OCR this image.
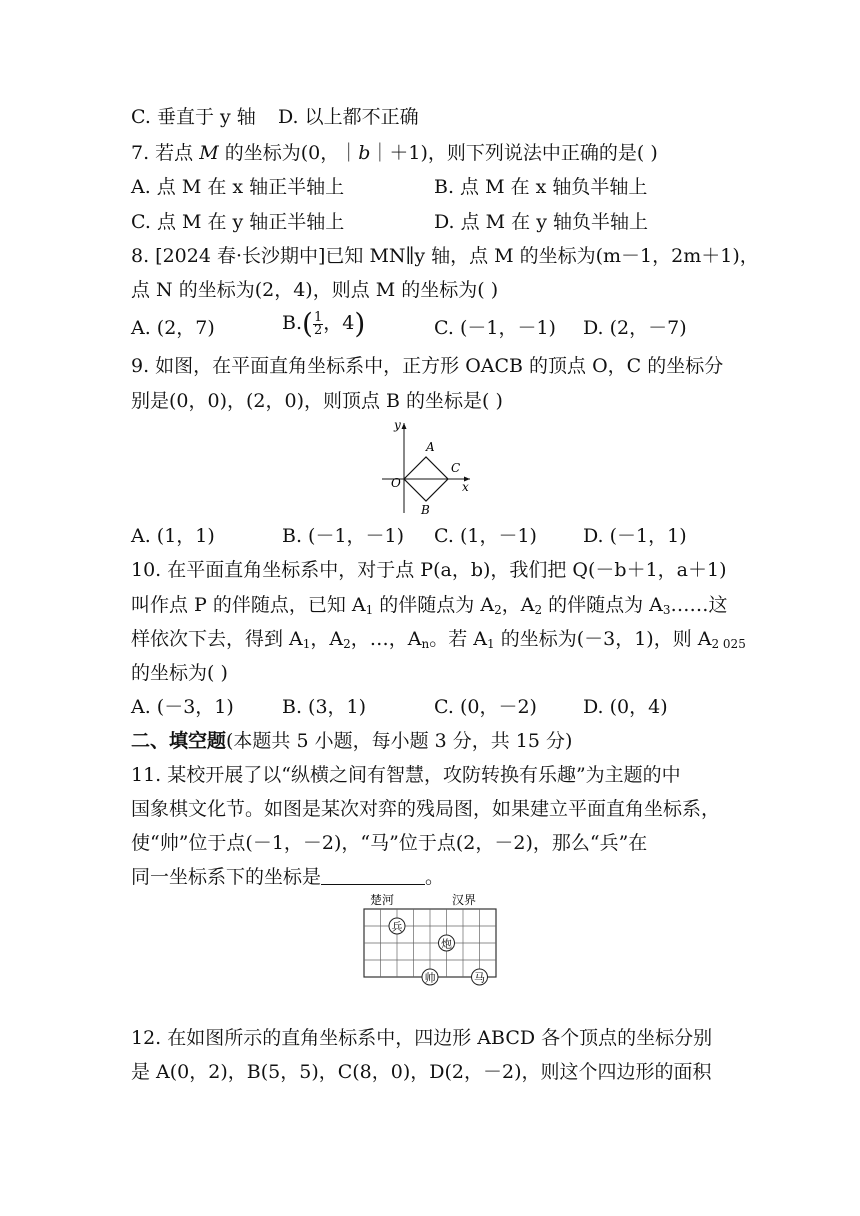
C. 垂直于 y 轴 D. 以上都不正确
7. 若点 M 的坐标为(0，｜b｜＋1)，则下列说法中正确的是( )
A. 点 M 在 x 轴正半轴上	B. 点 M 在 x 轴负半轴上
C. 点 M 在 y 轴正半轴上	D. 点 M 在 y 轴负半轴上
8. [2024 春·长沙期中]已知 MN∥y 轴，点 M 的坐标为(m－1，2m＋1)，
点 N 的坐标为(2，4)，则点 M 的坐标为( )
A. (2，7)	$B.( \frac{1}{2}$ ，4)	C. (－1，－1) D. (2，－7)
9. 如图，在平面直角坐标系中，正方形 OACB 的顶点 O，C 的坐标分
别是(0，0)，(2，0)，则顶点 B 的坐标是( )
y
x
O
A
B
C
A. (1，1)	B. (－1，－1) C. (1，－1) D. (－1，1)
10. 在平面直角坐标系中，对于点 P(a，b)，我们把 Q(－b＋1，a＋1)
叫作点 P 的伴随点，已知 $A_1$ 的伴随点为 $A_2$，$A_2$ 的伴随点为 $A_3\dots\dots$这
样依次下去，得到 $A_1$，$A_2$，…，$A_n$。若 $A_1$ 的坐标为(－3，1)，则 $A_{2 025}$
的坐标为( )
A. (－3，1)	B. (3，1)	C. (0，－2) D. (0，4)
二、填空题(本题共 5 小题，每小题 3 分，共 15 分)
11. 某校开展了以“纵横之间有智慧，攻防转换有乐趣”为主题的中
国象棋文化节。如图是某次对弈的残局图，如果建立平面直角坐标系，
使“帅”位于点(－1，－2)，“马”位于点(2，－2)，那么“兵”在
同一坐标系下的坐标是	。
楚河	汉界
兵
炮
帅	马
12. 在如图所示的直角坐标系中，四边形 ABCD 各个顶点的坐标分别
是 A(0，2)，B(5，5)，C(8，0)，D(2，－2)，则这个四边形的面积
